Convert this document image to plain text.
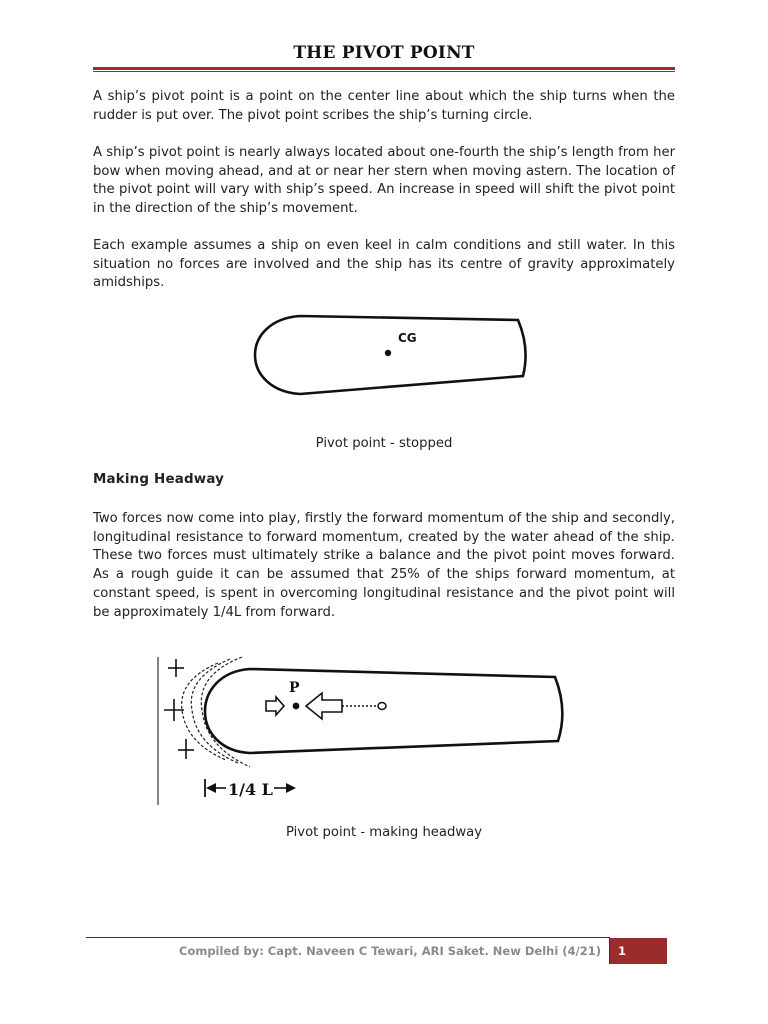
THE PIVOT POINT

A ship’s pivot point is a point on the center line about which the ship turns when the rudder is put over. The pivot point scribes the ship’s turning circle.

A ship’s pivot point is nearly always located about one-fourth the ship’s length from her bow when moving ahead, and at or near her stern when moving astern. The location of the pivot point will vary with ship’s speed. An increase in speed will shift the pivot point in the direction of the ship’s movement.

Each example assumes a ship on even keel in calm conditions and still water. In this situation no forces are involved and the ship has its centre of gravity approximately amidships.

CG
Pivot point - stopped
Making Headway

Two forces now come into play, firstly the forward momentum of the ship and secondly, longitudinal resistance to forward momentum, created by the water ahead of the ship. These two forces must ultimately strike a balance and the pivot point moves forward. As a rough guide it can be assumed that 25% of the ships forward momentum, at constant speed, is spent in overcoming longitudinal resistance and the pivot point will be approximately 1/4L from forward.

P
1/4 L
Pivot point - making headway
Compiled by: Capt. Naveen C Tewari, ARI Saket. New Delhi (4/21)	1
